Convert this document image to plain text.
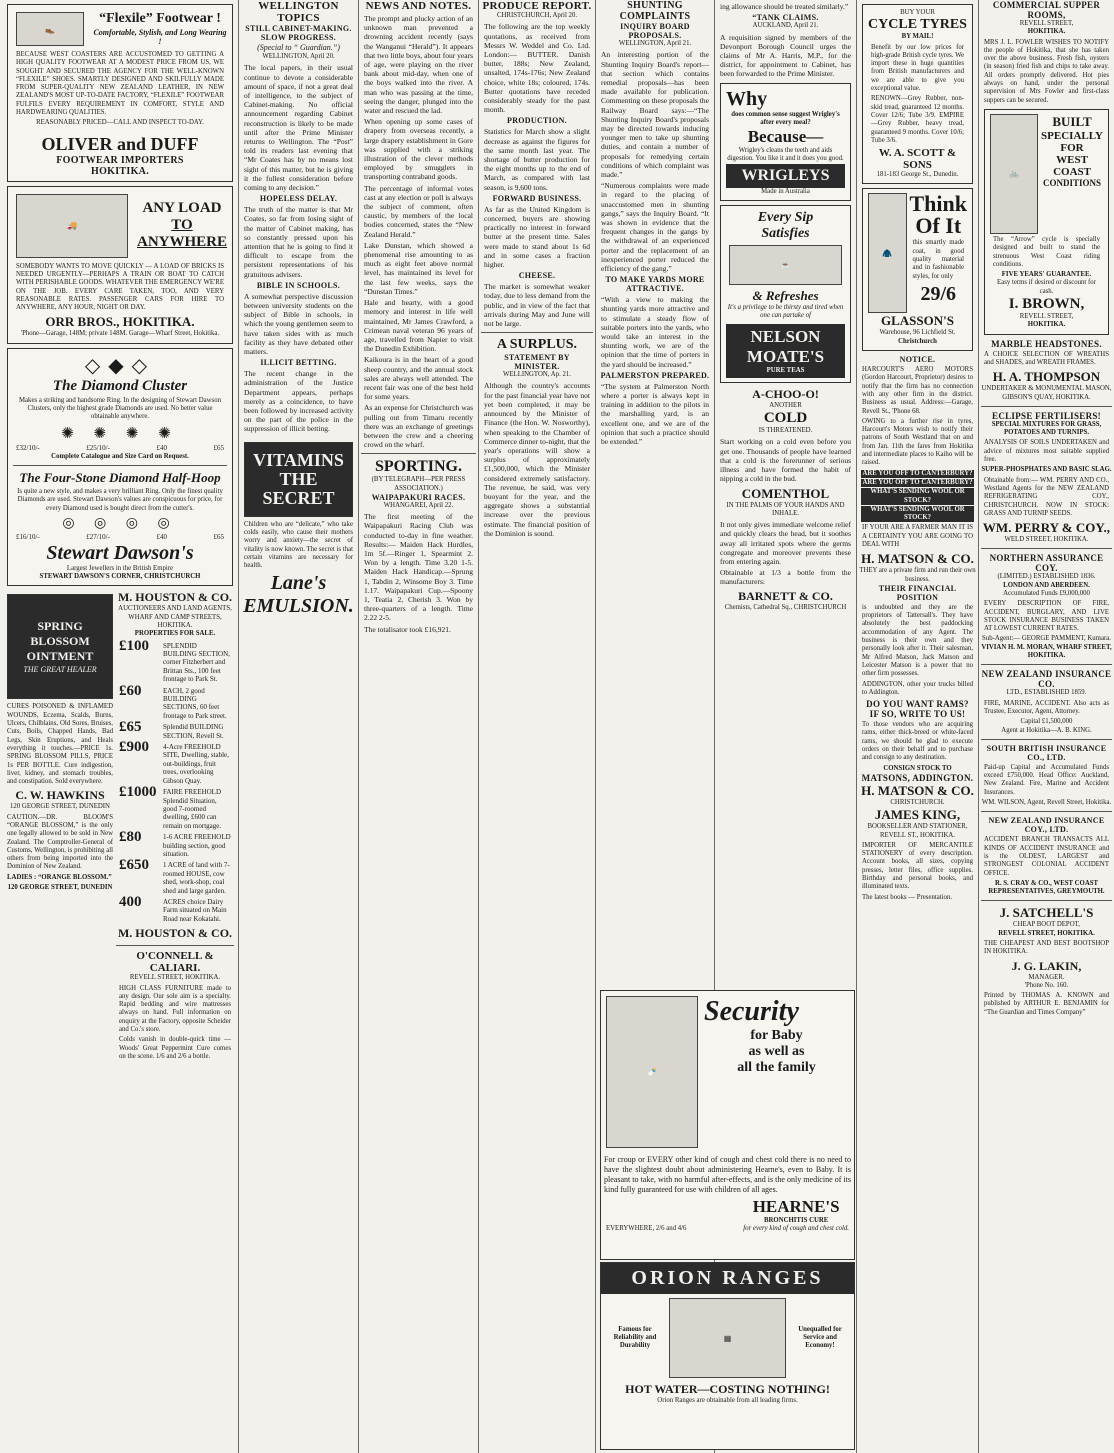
👞
“Flexile” Footwear !
Comfortable, Stylish, and Long Wearing !
BECAUSE WEST COASTERS ARE ACCUSTOMED TO GETTING A HIGH QUALITY FOOTWEAR AT A MODEST PRICE FROM US, WE SOUGHT AND SECURED THE AGENCY FOR THE WELL-KNOWN “FLEXILE” SHOES. SMARTLY DESIGNED AND SKILFULLY MADE FROM SUPER-QUALITY NEW ZEALAND LEATHER, IN NEW ZEALAND'S MOST UP-TO-DATE FACTORY, “FLEXILE” FOOTWEAR FULFILS EVERY REQUIREMENT IN COMFORT, STYLE AND HARDWEARING QUALITIES.
REASONABLY PRICED—CALL AND INSPECT TO-DAY.
OLIVER and DUFF
FOOTWEAR IMPORTERS
HOKITIKA.
🚚
ANY LOAD
TO ANYWHERE
SOMEBODY WANTS TO MOVE QUICKLY — A LOAD OF BRICKS IS NEEDED URGENTLY—PERHAPS A TRAIN OR BOAT TO CATCH WITH PERISHABLE GOODS. WHATEVER THE EMERGENCY WE'RE ON THE JOB. EVERY CARE TAKEN, TOO, AND VERY REASONABLE RATES. PASSENGER CARS FOR HIRE TO ANYWHERE, ANY HOUR, NIGHT OR DAY.
ORR BROS., HOKITIKA.
'Phone—Garage, 148M; private 148M. Garage—Wharf Street, Hokitika.
◇◆◇
The Diamond Cluster
Makes a striking and handsome Ring. In the designing of Stewart Dawson Clusters, only the highest grade Diamonds are used. No better value obtainable anywhere.
✺ ✺ ✺ ✺
£32/10/-	£25/10/-	£40	£65
Complete Catalogue and Size Card on Request.
The Four-Stone Diamond Half-Hoop
Is quite a new style, and makes a very brilliant Ring. Only the finest quality Diamonds are used. Stewart Dawson's values are conspicuous for price, for every Diamond used is bought direct from the cutter's.
◎ ◎ ◎ ◎
£16/10/-	£27/10/-	£40	£65
Stewart Dawson's
Largest Jewellers in the British Empire
STEWART DAWSON'S CORNER, CHRISTCHURCH
SPRING BLOSSOM OINTMENT
THE GREAT HEALER
CURES POISONED & INFLAMED WOUNDS, Eczema, Scalds, Burns, Ulcers, Chilblains, Old Sores, Bruises, Cuts, Boils, Chapped Hands, Bad Legs, Skin Eruptions, and Heals everything it touches.—PRICE 1s. SPRING BLOSSOM PILLS, PRICE 1s PER BOTTLE. Cure indigestion, liver, kidney, and stomach troubles, and constipation. Sold everywhere.
C. W. HAWKINS
120 GEORGE STREET, DUNEDIN
CAUTION.—DR. BLOOM'S “ORANGE BLOSSOM,” is the only one legally allowed to be sold in New Zealand. The Comptroller-General of Customs, Wellington, is prohibiting all others from being imported into the Dominion of New Zealand.
LADIES : “ORANGE BLOSSOM.”
120 GEORGE STREET, DUNEDIN
M. HOUSTON & CO.
AUCTIONEERS AND LAND AGENTS, WHARF AND CAMP STREETS, HOKITIKA.
PROPERTIES FOR SALE.
£100	SPLENDID BUILDING SECTION, corner Fitzherbert and Brittan Sts., 100 feet frontage to Park St.
£60	EACH, 2 good BUILDING SECTIONS, 60 feet frontage to Park street.
£65	Splendid BUILDING SECTION, Revell St.
£900	4-Acre FREEHOLD SITE, Dwelling, stable, out-buildings, fruit trees, overlooking Gibson Quay.
£1000 FAIRE FREEHOLD Splendid Situation, good 7-roomed dwelling, £600 can remain on mortgage.
£80	1-6 ACRE FREEHOLD building section, good situation.
£650	1 ACRE of land with 7-roomed HOUSE, cow shed, work-shop, coal shed and large garden.
400	ACRES choice Dairy Farm situated on Main Road near Kokatahi.
M. HOUSTON & CO.
O'CONNELL & CALIARI.
REVELL STREET, HOKITIKA.
HIGH CLASS FURNITURE made to any design. Our sole aim is a specialty. Rapid bedding and wire mattresses always on hand. Full information on enquiry at the Factory, opposite Scheider and Co.'s store.
Colds vanish in double-quick time —Woods' Great Peppermint Cure comes on the scene. 1/6 and 2/6 a bottle.
WELLINGTON TOPICS
STILL CABINET-MAKING.
SLOW PROGRESS.
(Special to “ Guardian.”)
WELLINGTON, April 20.
The local papers, in their usual continue to devote a considerable amount of space, if not a great deal of intelligence, to the subject of Cabinet-making. No official announcement regarding Cabinet reconstruction is likely to be made until after the Prime Minister returns to Wellington. The “Post” told its readers last evening that “Mr Coates has by no means lost sight of this matter, but he is giving it the fullest consideration before coming to any decision.”
HOPELESS DELAY.
The truth of the matter is that Mr Coates, so far from losing sight of the matter of Cabinet making, has so constantly pressed upon his attention that he is going to find it difficult to escape from the persistent representations of his gratuitous advisers.
BIBLE IN SCHOOLS.
A somewhat perspective discussion between university students on the subject of Bible in schools, in which the young gentlemen seem to have taken sides with as much facility as they have debated other matters.
ILLICIT BETTING.
The recent change in the administration of the Justice Department appears, perhaps merely as a coincidence, to have been followed by increased activity on the part of the police in the suppression of illicit betting.
VITAMINS THE SECRET
Children who are “delicate,” who take colds easily, who cause their mothers worry and anxiety—the secret of vitality is now known. The secret is that certain vitamins are necessary for health.
Lane's EMULSION.
NEWS AND NOTES.
The prompt and plucky action of an unknown man prevented a drowning accident recently (says the Wanganui “Herald”). It appears that two little boys, about four years of age, were playing on the river bank about mid-day, when one of the boys walked into the river. A man who was passing at the time, seeing the danger, plunged into the water and rescued the lad.
When opening up some cases of drapery from overseas recently, a large drapery establishment in Gore was supplied with a striking illustration of the clever methods employed by smugglers in transporting contraband goods.
The percentage of informal votes cast at any election or poll is always the subject of comment, often caustic, by members of the local bodies concerned, states the “New Zealand Herald.”
Lake Dunstan, which showed a phenomenal rise amounting to as much as eight feet above normal level, has maintained its level for the last few weeks, says the “Dunstan Times.”
Hale and hearty, with a good memory and interest in life well maintained, Mr James Crawford, a Crimean naval veteran 96 years of age, travelled from Napier to visit the Dunedin Exhibition.
Kaikoura is in the heart of a good sheep country, and the annual stock sales are always well attended. The recent fair was one of the best held for some years.
As an expense for Christchurch was pulling out from Timaru recently there was an exchange of greetings between the crew and a cheering crowd on the wharf.
SPORTING.
(BY TELEGRAPH—PER PRESS ASSOCIATION.)
WAIPAPAKURI RACES.
WHANGAREI, April 22.
The first meeting of the Waipapakuri Racing Club was conducted to-day in fine weather. Results:— Maiden Hack Hurdles, 1m 5f.—Ringer 1, Spearmint 2. Won by a length. Time 3.20 1-5. Maiden Hack Handicap.—Sprung 1, Tabdin 2, Winsome Boy 3. Time 1.17. Waipapakuri Cup.—Spoony 1, Teatia 2, Cherish 3. Won by three-quarters of a length. Time 2.22 2-5.
The totalisator took £16,921.
PRODUCE REPORT.
CHRISTCHURCH, April 20.
The following are the top weekly quotations, as received from Messrs W. Weddel and Co. Ltd. London:— BUTTER. Danish butter, 188s; New Zealand, unsalted, 174s-176s; New Zealand choice, white 18s; coloured, 174s. Butter quotations have receded considerably steady for the past month.
PRODUCTION.
Statistics for March show a slight decrease as against the figures for the same month last year. The shortage of butter production for the eight months up to the end of March, as compared with last season, is 9,600 tons.
FORWARD BUSINESS.
As far as the United Kingdom is concerned, buyers are showing practically no interest in forward butter at the present time. Sales were made to stand about 1s 6d and in some cases a fraction higher.
CHEESE.
The market is somewhat weaker today, due to less demand from the public, and in view of the fact that arrivals during May and June will not be large.
A SURPLUS.
STATEMENT BY MINISTER.
WELLINGTON, Ap. 21.
Although the country's accounts for the past financial year have not yet been completed, it may be announced by the Minister of Finance (the Hon. W. Nosworthy), when speaking to the Chamber of Commerce dinner to-night, that the year's operations will show a surplus of approximately £1,500,000, which the Minister considered extremely satisfactory. The revenue, he said, was very buoyant for the year, and the aggregate shows a substantial increase over the previous estimate. The financial position of the Dominion is sound.
SHUNTING COMPLAINTS
INQUIRY BOARD PROPOSALS.
WELLINGTON, April 21.
An interesting portion of the Shunting Inquiry Board's report—that section which contains remedial proposals—has been made available for publication. Commenting on these proposals the Railway Board says:—“The Shunting Inquiry Board's proposals may be directed towards inducing younger men to take up shunting duties, and contain a number of proposals for remedying certain conditions of which complaint was made.”
“Numerous complaints were made in regard to the placing of unaccustomed men in shunting gangs,” says the Inquiry Board. “It was shown in evidence that the frequent changes in the gangs by the withdrawal of an experienced porter and the replacement of an inexperienced porter reduced the efficiency of the gang.”
TO MAKE YARDS MORE ATTRACTIVE.
“With a view to making the shunting yards more attractive and to stimulate a steady flow of suitable porters into the yards, who would take an interest in the shunting work, we are of the opinion that the time of porters in the yard should be increased.”
PALMERSTON PREPARED.
“The system at Palmerston North where a porter is always kept in training in addition to the pilots in the marshalling yard, is an excellent one, and we are of the opinion that such a practice should be extended.”
ing allowance should be treated similarly.”
“TANK CLAIMS.
AUCKLAND, April 21.
A requisition signed by members of the Devonport Borough Council urges the claims of Mr A. Harris, M.P., for the district, for appointment to Cabinet, has been forwarded to the Prime Minister.
Why
does common sense suggest Wrigley's after every meal?
Because—
Wrigley's cleans the teeth and aids digestion. You like it and it does you good.
WRIGLEYS
Made in Australia
Every Sip
Satisfies
☕
& Refreshes
It's a privilege to be thirsty and tired when one can partake of
NELSON
MOATE'S
PURE TEAS
A-CHOO-O!
ANOTHER
COLD
IS THREATENED.
Start working on a cold even before you get one. Thousands of people have learned that a cold is the forerunner of serious illness and have formed the habit of nipping a cold in the bud.
COMENTHOL
IN THE PALMS OF YOUR HANDS AND INHALE.
It not only gives immediate welcome relief and quickly clears the head, but it soothes away all irritated spots where the germs congregate and moreover prevents these from entering again.
Obtainable at 1/3 a bottle from the manufacturers:
BARNETT & CO.
Chemists, Cathedral Sq., CHRISTCHURCH
🍼
Security
for Baby
as well as
all the family
For croup or EVERY other kind of cough and chest cold there is no need to have the slightest doubt about administering Hearne's, even to Baby. It is pleasant to take, with no harmful after-effects, and is the only medicine of its kind fully guaranteed for use with children of all ages.
EVERYWHERE, 2/6 and 4/6
HEARNE'S
BRONCHITIS CURE
for every kind of cough and chest cold.
ORION RANGES
Famous for Reliability and Durability
▦
Unequalled for Service and Economy!
HOT WATER—COSTING NOTHING!
Orion Ranges are obtainable from all leading firms.
BUY YOUR
CYCLE TYRES
BY MAIL!
Benefit by our low prices for high-grade British cycle tyres. We import these in huge quantities from British manufacturers and we are able to give you exceptional value.
RENOWN—Grey Rubber, non-skid tread, guaranteed 12 months. Cover 12/6; Tube 3/9. EMPIRE—Grey Rubber, heavy tread, guaranteed 9 months. Cover 10/6; Tube 3/6.
W. A. SCOTT & SONS
181-183 George St., Dunedin.
🧥
Think Of It
this smartly made coat, in good quality material and in fashionable styles, for only
29/6
GLASSON'S
Warehouse, 96 Lichfield St.
Christchurch
NOTICE.
HARCOURT'S AERO MOTORS (Gordon Harcourt, Proprietor) desires to notify that the firm has no connection with any other firm in the district. Business as usual. Address:—Garage, Revell St., 'Phone 68.
OWING to a further rise in tyres, Harcourt's Motors wish to notify their patrons of South Westland that on and from Jan. 11th the fares from Hokitika and intermediate places to Kaiho will be raised.
ARE YOU OFF TO CANTERBURY?
ARE YOU OFF TO CANTERBURY?
WHAT'S SENDING WOOL OR STOCK?
WHAT'S SENDING WOOL OR STOCK?
IF YOUR ARE A FARMER MAN IT IS A CERTAINTY YOU ARE GOING TO DEAL WITH
H. MATSON & CO.
THEY are a private firm and run their own business.
THEIR FINANCIAL POSITION
is undoubted and they are the proprietors of Tattersall's. They have absolutely the best paddocking accommodation of any Agent. The business is their own and they personally look after it. Their salesman, Mr Alfred Matson, Jack Matson and Leicester Matson is a power that no other firm possesses.
ADDINGTON, other your trucks billed to Addington.
DO YOU WANT RAMS?
IF SO, WRITE TO US!
To those vendors who are acquiring rams, either thick-breed or white-faced rams, we should be glad to execute orders on their behalf and to purchase and consign to any destination.
CONSIGN STOCK TO
MATSONS, ADDINGTON.
H. MATSON & CO.
CHRISTCHURCH.
JAMES KING,
BOOKSELLER AND STATIONER,
REVELL ST., HOKITIKA.
IMPORTER OF MERCANTILE STATIONERY of every description. Account books, all sizes, copying presses, letter files, office supplies. Birthday and personal books, and illuminated texts.
The latest books — Presentation.
COMMERCIAL SUPPER ROOMS,
REVELL STREET,
HOKITIKA.
MRS J. L. FOWLER WISHES TO NOTIFY the people of Hokitika, that she has taken over the above business. Fresh fish, oysters (in season) fried fish and chips to take away. All orders promptly delivered. Hot pies always on hand, under the personal supervision of Mrs Fowler and first-class suppers can be secured.
🚲
BUILT
SPECIALLY
FOR
WEST
COAST
CONDITIONS
The “Arrow” cycle is specially designed and built to stand the strenuous West Coast riding conditions.
FIVE YEARS' GUARANTEE.
Easy terms if desired or discount for cash.
I. BROWN,
REVELL STREET,
HOKITIKA.
MARBLE HEADSTONES.
A CHOICE SELECTION OF WREATHS and SHADES, and WREATH FRAMES.
H. A. THOMPSON
UNDERTAKER & MONUMENTAL MASON, GIBSON'S QUAY, HOKITIKA.
ECLIPSE FERTILISERS!
SPECIAL MIXTURES FOR GRASS, POTATOES AND TURNIPS.
ANALYSIS OF SOILS UNDERTAKEN and advice of mixtures most suitable supplied free.
SUPER-PHOSPHATES AND BASIC SLAG.
Obtainable from:— WM. PERRY AND CO., Westland Agents for the NEW ZEALAND REFRIGERATING COY., CHRISTCHURCH. NOW IN STOCK: GRASS AND TURNIP SEEDS.
WM. PERRY & COY.,
WELD STREET, HOKITIKA.
NORTHERN ASSURANCE COY.
(LIMITED.) ESTABLISHED 1836.
LONDON AND ABERDEEN.
Accumulated Funds £9,000,000
EVERY DESCRIPTION OF FIRE, ACCIDENT, BURGLARY, AND LIVE STOCK INSURANCE BUSINESS TAKEN AT LOWEST CURRENT RATES.
Sub-Agent:— GEORGE PAMMENT, Kumara.
VIVIAN H. M. MORAN, WHARF STREET, HOKITIKA.
NEW ZEALAND INSURANCE CO.
LTD., ESTABLISHED 1859.
FIRE, MARINE, ACCIDENT. Also acts as Trustee, Executor, Agent, Attorney.
Capital £1,500,000
Agent at Hokitika—A. B. KING.
SOUTH BRITISH INSURANCE CO., LTD.
Paid-up Capital and Accumulated Funds exceed £750,000. Head Office: Auckland, New Zealand. Fire, Marine and Accident Insurances.
WM. WILSON, Agent, Revell Street, Hokitika.
NEW ZEALAND INSURANCE COY., LTD.
ACCIDENT BRANCH TRANSACTS ALL KINDS OF ACCIDENT INSURANCE and is the OLDEST, LARGEST and STRONGEST COLONIAL ACCIDENT OFFICE.
R. S. CRAY & CO., WEST COAST REPRESENTATIVES, GREYMOUTH.
J. SATCHELL'S
CHEAP BOOT DEPOT,
REVELL STREET, HOKITIKA.
THE CHEAPEST AND BEST BOOTSHOP IN HOKITIKA.
J. G. LAKIN,
MANAGER.
'Phone No. 160.
Printed by THOMAS A. KNOWN and published by ARTHUR E. BENJAMIN for “The Guardian and Times Company”
